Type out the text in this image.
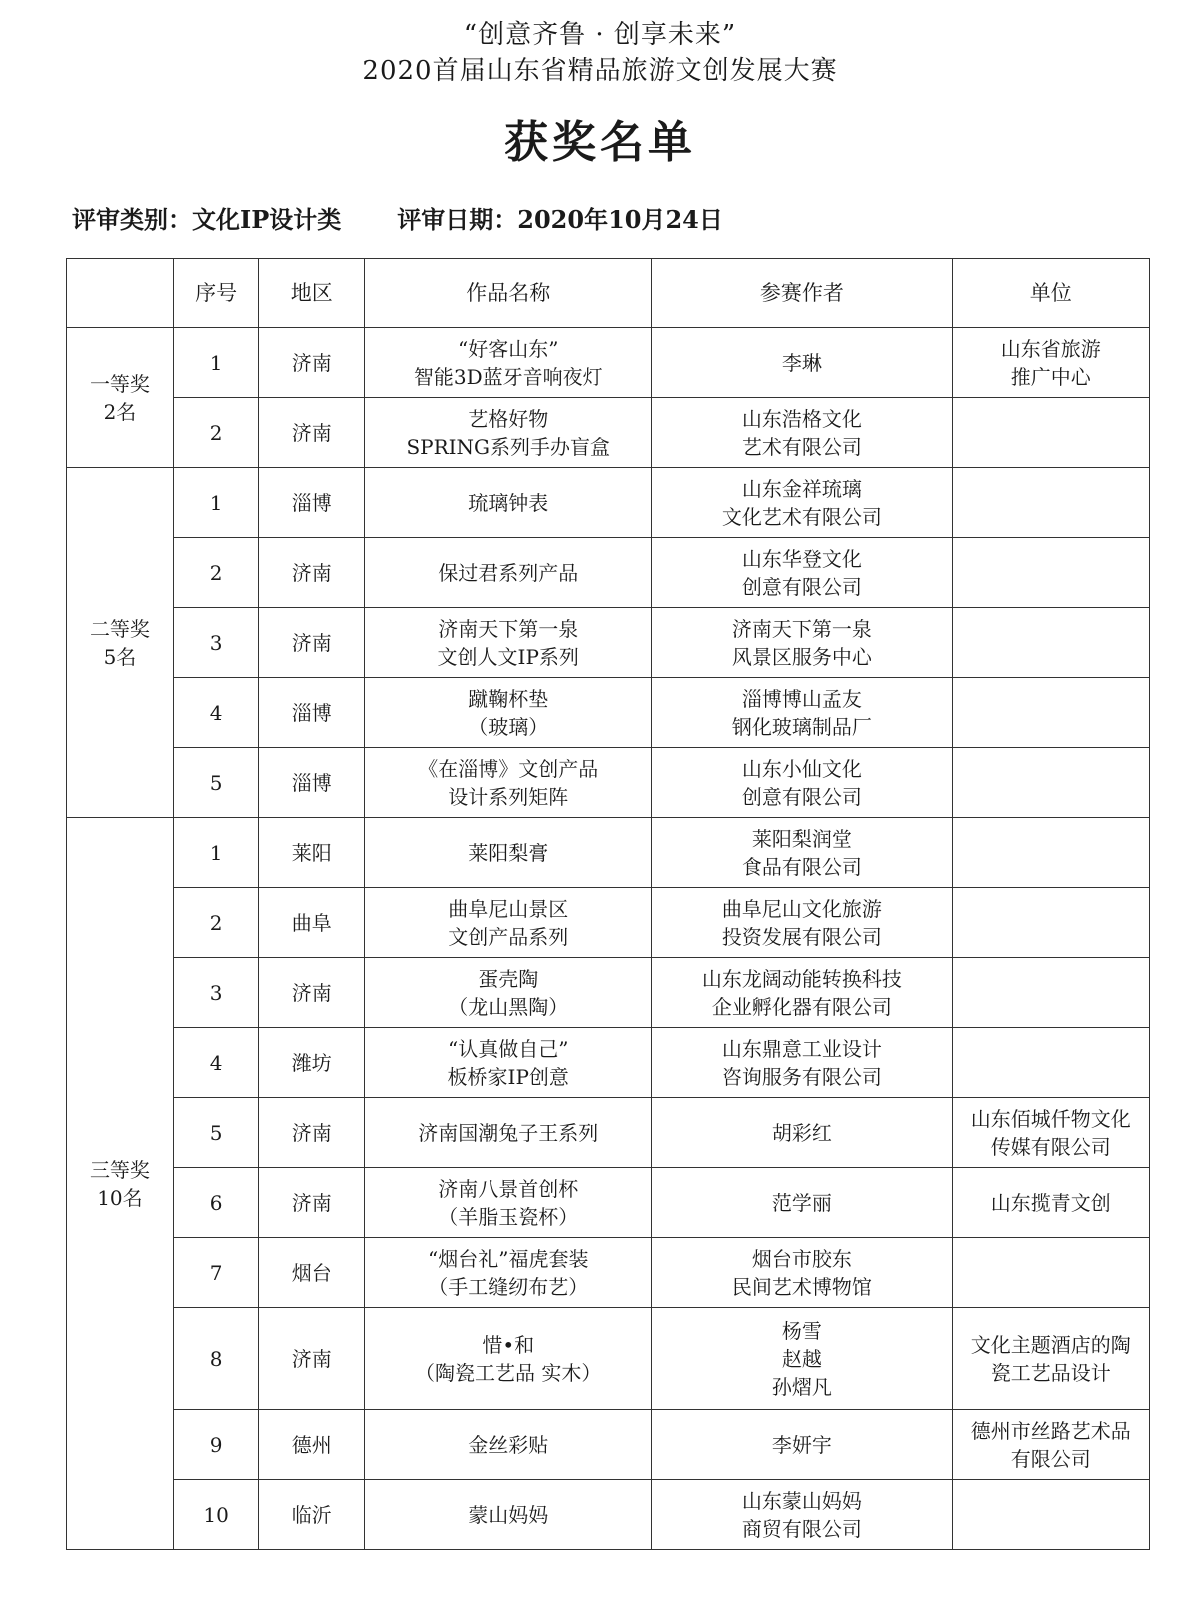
“创意齐鲁 · 创享未来”
2020首届山东省精品旅游文创发展大赛
获奖名单
评审类别：文化IP设计类 评审日期：2020年10月24日
	序号	地区	作品名称	参赛作者	单位
一等奖
2名	1	济南	“好客山东”
智能3D蓝牙音响夜灯	李琳	山东省旅游
推广中心
	2	济南	艺格好物
SPRING系列手办盲盒	山东浩格文化
艺术有限公司	
二等奖
5名	1	淄博	琉璃钟表	山东金祥琉璃
文化艺术有限公司	
	2	济南	保过君系列产品	山东华登文化
创意有限公司	
	3	济南	济南天下第一泉
文创人文IP系列	济南天下第一泉
风景区服务中心	
	4	淄博	蹴鞠杯垫
（玻璃）	淄博博山孟友
钢化玻璃制品厂	
	5	淄博	《在淄博》文创产品
设计系列矩阵	山东小仙文化
创意有限公司	
三等奖
10名	1	莱阳	莱阳梨膏	莱阳梨润堂
食品有限公司	
	2	曲阜	曲阜尼山景区
文创产品系列	曲阜尼山文化旅游
投资发展有限公司	
	3	济南	蛋壳陶
（龙山黑陶）	山东龙阔动能转换科技
企业孵化器有限公司	
	4	潍坊	“认真做自己”
板桥家IP创意	山东鼎意工业设计
咨询服务有限公司	
	5	济南	济南国潮兔子王系列	胡彩红	山东佰城仟物文化
传媒有限公司
	6	济南	济南八景首创杯
（羊脂玉瓷杯）	范学丽	山东揽青文创
	7	烟台	“烟台礼”福虎套装
（手工缝纫布艺）	烟台市胶东
民间艺术博物馆	
	8	济南	惜•和
（陶瓷工艺品 实木）	杨雪
赵越
孙熠凡	文化主题酒店的陶
瓷工艺品设计
	9	德州	金丝彩贴	李妍宇	德州市丝路艺术品
有限公司
	10	临沂	蒙山妈妈	山东蒙山妈妈
商贸有限公司	
